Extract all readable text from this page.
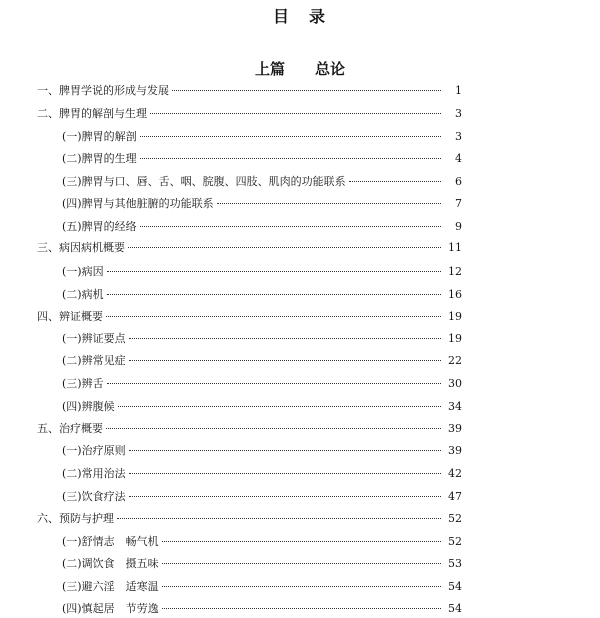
目　录
上篇　　总论
一、脾胃学说的形成与发展	1
二、脾胃的解剖与生理	3
(一)脾胃的解剖	3
(二)脾胃的生理	4
(三)脾胃与口、唇、舌、咽、脘腹、四肢、肌肉的功能联系	6
(四)脾胃与其他脏腑的功能联系	7
(五)脾胃的经络	9
三、病因病机概要	11
(一)病因	12
(二)病机	16
四、辨证概要	19
(一)辨证要点	19
(二)辨常见症	22
(三)辨舌	30
(四)辨腹候	34
五、治疗概要	39
(一)治疗原则	39
(二)常用治法	42
(三)饮食疗法	47
六、预防与护理	52
(一)舒情志　畅气机	52
(二)调饮食　摄五味	53
(三)避六淫　适寒温	54
(四)慎起居　节劳逸	54
